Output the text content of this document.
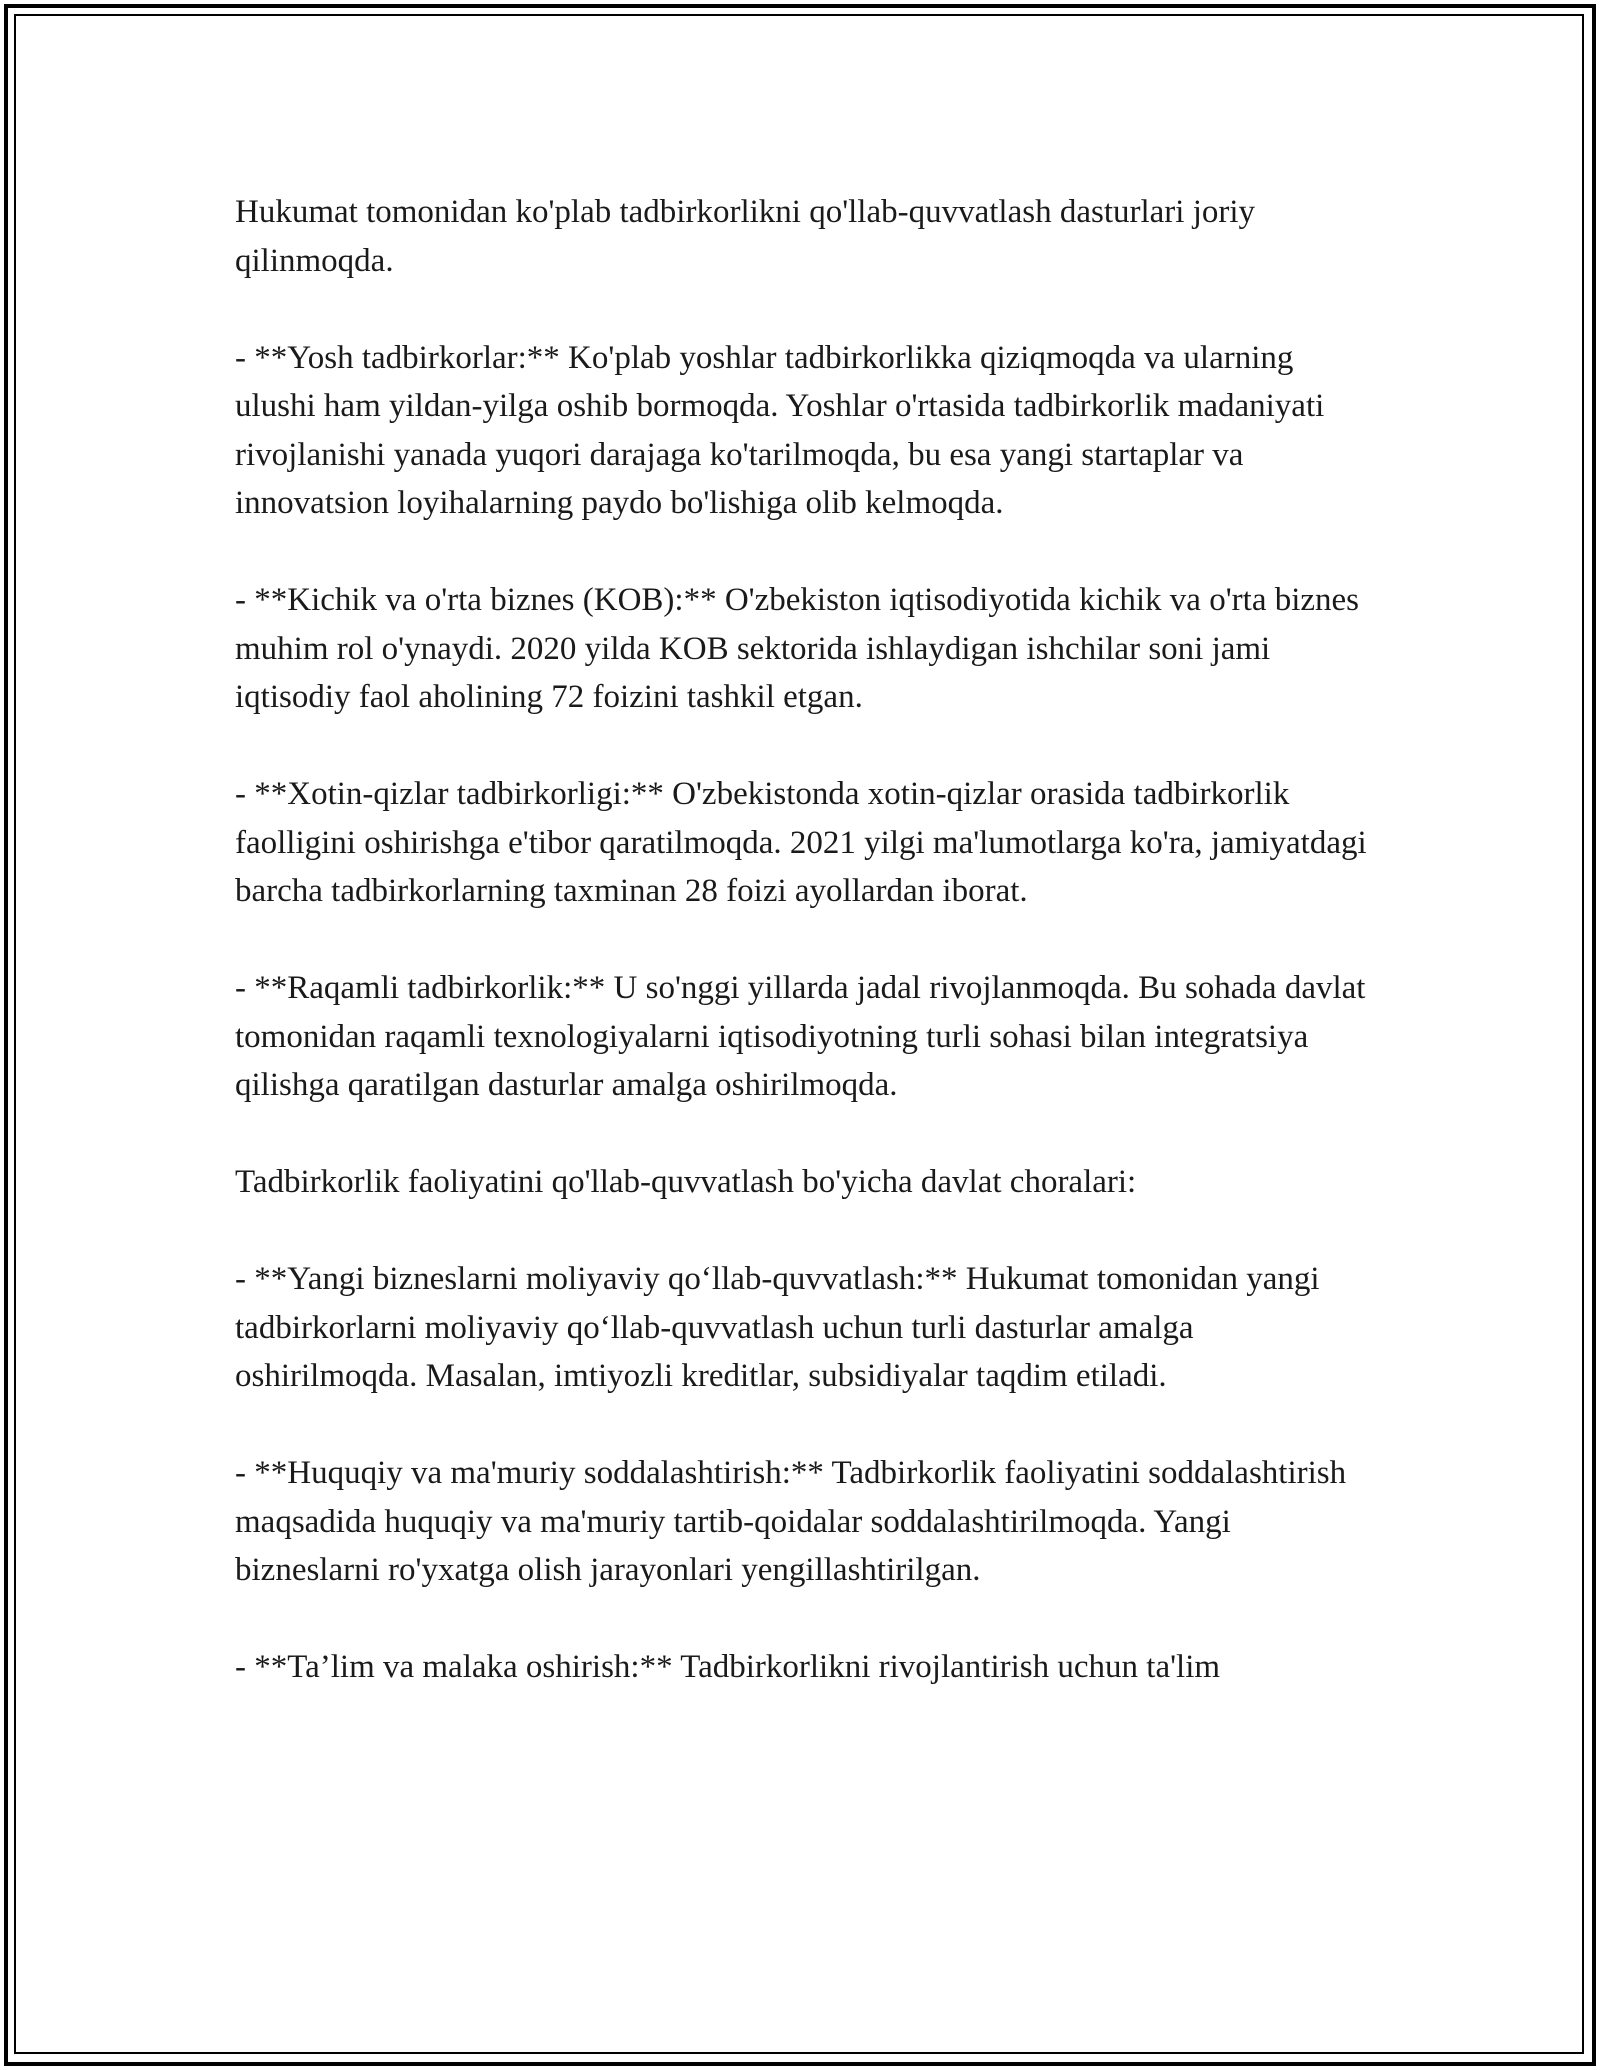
Hukumat tomonidan ko'plab tadbirkorlikni qo'llab-quvvatlash dasturlari joriy qilinmoqda.

- **Yosh tadbirkorlar:** Ko'plab yoshlar tadbirkorlikka qiziqmoqda va ularning ulushi ham yildan-yilga oshib bormoqda. Yoshlar o'rtasida tadbirkorlik madaniyati rivojlanishi yanada yuqori darajaga ko'tarilmoqda, bu esa yangi startaplar va innovatsion loyihalarning paydo bo'lishiga olib kelmoqda.

- **Kichik va o'rta biznes (KOB):** O'zbekiston iqtisodiyotida kichik va o'rta biznes muhim rol o'ynaydi. 2020 yilda KOB sektorida ishlaydigan ishchilar soni jami iqtisodiy faol aholining 72 foizini tashkil etgan.

- **Xotin-qizlar tadbirkorligi:** O'zbekistonda xotin-qizlar orasida tadbirkorlik faolligini oshirishga e'tibor qaratilmoqda. 2021 yilgi ma'lumotlarga ko'ra, jamiyatdagi barcha tadbirkorlarning taxminan 28 foizi ayollardan iborat.

- **Raqamli tadbirkorlik:** U so'nggi yillarda jadal rivojlanmoqda. Bu sohada davlat tomonidan raqamli texnologiyalarni iqtisodiyotning turli sohasi bilan integratsiya qilishga qaratilgan dasturlar amalga oshirilmoqda.

Tadbirkorlik faoliyatini qo'llab-quvvatlash bo'yicha davlat choralari:

- **Yangi bizneslarni moliyaviy qo‘llab-quvvatlash:** Hukumat tomonidan yangi tadbirkorlarni moliyaviy qo‘llab-quvvatlash uchun turli dasturlar amalga oshirilmoqda. Masalan, imtiyozli kreditlar, subsidiyalar taqdim etiladi.

- **Huquqiy va ma'muriy soddalashtirish:** Tadbirkorlik faoliyatini soddalashtirish maqsadida huquqiy va ma'muriy tartib-qoidalar soddalashtirilmoqda. Yangi bizneslarni ro'yxatga olish jarayonlari yengillashtirilgan.

- **Ta’lim va malaka oshirish:** Tadbirkorlikni rivojlantirish uchun ta'lim
